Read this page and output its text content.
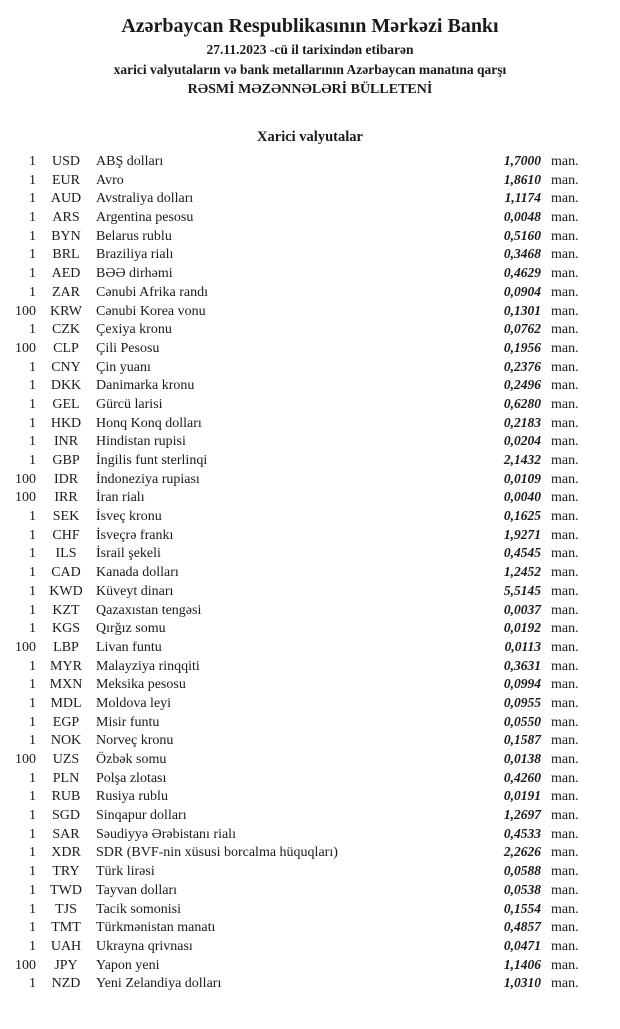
Azərbaycan Respublikasının Mərkəzi Bankı
27.11.2023 -cü il tarixindən etibarən
xarici valyutaların və bank metallarının Azərbaycan manatına qarşı
RƏSMİ MƏZƏNNƏLƏRİ BÜLLETENİ
Xarici valyutalar
1	USD	ABŞ dolları	1,7000 man.
1	EUR	Avro	1,8610 man.
1	AUD	Avstraliya dolları	1,1174 man.
1	ARS	Argentina pesosu	0,0048 man.
1	BYN	Belarus rublu	0,5160 man.
1	BRL	Braziliya rialı	0,3468 man.
1	AED	BƏƏ dirhəmi	0,4629 man.
1	ZAR	Cənubi Afrika randı	0,0904 man.
100	KRW	Cənubi Korea vonu	0,1301 man.
1	CZK	Çexiya kronu	0,0762 man.
100	CLP	Çili Pesosu	0,1956 man.
1	CNY	Çin yuanı	0,2376 man.
1	DKK	Danimarka kronu	0,2496 man.
1	GEL	Gürcü larisi	0,6280 man.
1	HKD	Honq Konq dolları	0,2183 man.
1	INR	Hindistan rupisi	0,0204 man.
1	GBP	İngilis funt sterlinqi	2,1432 man.
100	IDR	İndoneziya rupiası	0,0109 man.
100	IRR	İran rialı	0,0040 man.
1	SEK	İsveç kronu	0,1625 man.
1	CHF	İsveçrə frankı	1,9271 man.
1	ILS	İsrail şekeli	0,4545 man.
1	CAD	Kanada dolları	1,2452 man.
1 KWD Küveyt dinarı	5,5145 man.
1	KZT	Qazaxıstan tengəsi	0,0037 man.
1	KGS	Qırğız somu	0,0192 man.
100	LBP	Livan funtu	0,0113 man.
1	MYR	Malayziya rinqqiti	0,3631 man.
1 MXN Meksika pesosu	0,0994 man.
1	MDL	Moldova leyi	0,0955 man.
1	EGP	Misir funtu	0,0550 man.
1	NOK	Norveç kronu	0,1587 man.
100	UZS	Özbək somu	0,0138 man.
1	PLN	Polşa zlotası	0,4260 man.
1	RUB	Rusiya rublu	0,0191 man.
1	SGD	Sinqapur dolları	1,2697 man.
1	SAR	Səudiyyə Ərəbistanı rialı	0,4533 man.
1	XDR	SDR (BVF-nin xüsusi borcalma hüquqları)	2,2626 man.
1	TRY	Türk lirəsi	0,0588 man.
1	TWD	Tayvan dolları	0,0538 man.
1	TJS	Tacik somonisi	0,1554 man.
1	TMT	Türkmənistan manatı	0,4857 man.
1	UAH	Ukrayna qrivnası	0,0471 man.
100	JPY	Yapon yeni	1,1406 man.
1	NZD	Yeni Zelandiya dolları	1,0310 man.
